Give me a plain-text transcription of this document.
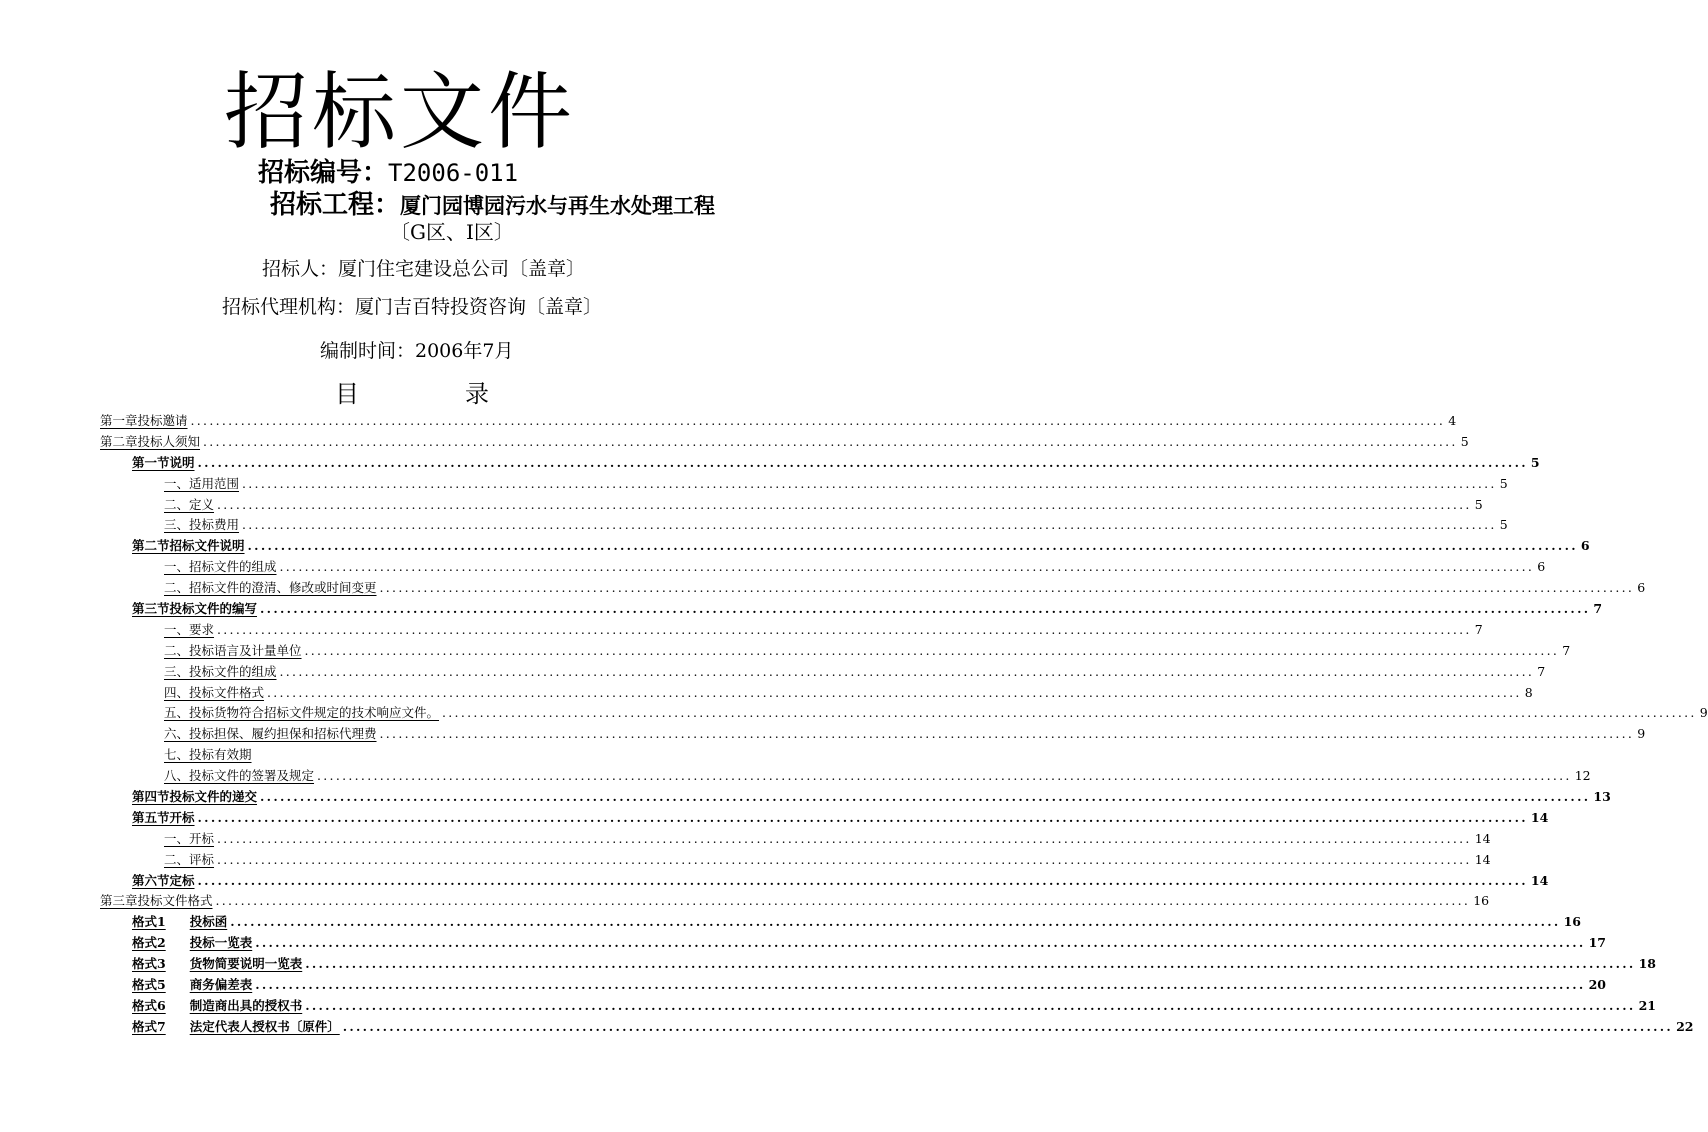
招标文件
招标编号：T2006-011
招标工程：厦门园博园污水与再生水处理工程
〔G区、I区〕
招标人：厦门住宅建设总公司〔盖章〕
招标代理机构：厦门吉百特投资咨询〔盖章〕
编制时间：2006年7月
目	录
第一章投标邀请 ........................................................................................................................................................................................................ 4
第二章投标人须知 ........................................................................................................................................................................................................ 5
第一节说明 ........................................................................................................................................................................................................ 5
一、适用范围 ........................................................................................................................................................................................................ 5
二、定义 ........................................................................................................................................................................................................ 5
三、投标费用 ........................................................................................................................................................................................................ 5
第二节招标文件说明 ........................................................................................................................................................................................................ 6
一、招标文件的组成 ........................................................................................................................................................................................................ 6
二、招标文件的澄清、修改或时间变更 ........................................................................................................................................................................................................ 6
第三节投标文件的编写 ........................................................................................................................................................................................................ 7
一、要求 ........................................................................................................................................................................................................ 7
二、投标语言及计量单位 ........................................................................................................................................................................................................ 7
三、投标文件的组成 ........................................................................................................................................................................................................ 7
四、投标文件格式 ........................................................................................................................................................................................................ 8
五、投标货物符合招标文件规定的技术响应文件。 ........................................................................................................................................................................................................ 9
六、投标担保、履约担保和招标代理费 ........................................................................................................................................................................................................ 9
七、投标有效期
八、投标文件的签署及规定 ........................................................................................................................................................................................................ 12
第四节投标文件的递交 ........................................................................................................................................................................................................ 13
第五节开标 ........................................................................................................................................................................................................ 14
一、开标 ........................................................................................................................................................................................................ 14
二、评标 ........................................................................................................................................................................................................ 14
第六节定标 ........................................................................................................................................................................................................ 14
第三章投标文件格式 ........................................................................................................................................................................................................ 16
格式1 投标函 ........................................................................................................................................................................................................ 16
格式2 投标一览表 ........................................................................................................................................................................................................ 17
格式3 货物简要说明一览表 ........................................................................................................................................................................................................ 18
格式5 商务偏差表 ........................................................................................................................................................................................................ 20
格式6 制造商出具的授权书 ........................................................................................................................................................................................................ 21
格式7 法定代表人授权书〔原件〕 ........................................................................................................................................................................................................ 22
